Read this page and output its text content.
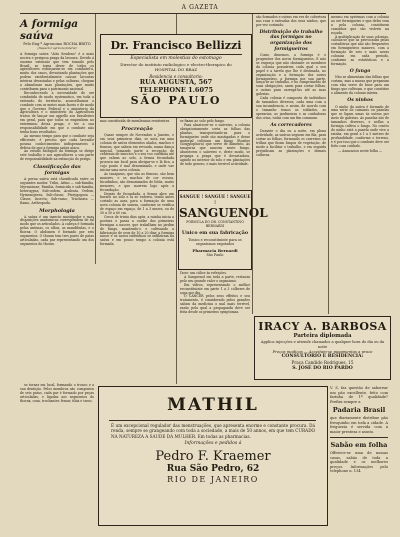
A GAZETA
A formiga saúva
Pelo Eng.º Agronomo ROCHA BRITO
(Inspector agricola federal)

A formiga saúva "Atta Sexdens" é a mais nociva e perigosa praga da lavoura. Devido á enorme extensão que tem tomado pelo Brasil, se torna dever de todos os agricultores esforçarem-se em combatel-a, muito dos casos, devastando plantações que podem excidentalmente causar lavouras inteiras devastadas e pelas culturas, chegam a abandonar suas plantações, que muito contribuem para o patrimonio nacional.

Reconhecendo a necessidade de ser combatida de modo systematico, em toda a extensão do territorio, aconselhamos o combate com os meios mais faceis e de modo que o Governo Federal e o ministerio da Agricultura e o ministerio da Agricultura tratou de lançar um appello aos brasileiros em geral, para que todos se empenhem no exterminio dessa praga, e ter a sua responsabilidade em que o combate não tenha bons resultados.

Ao mesmo tempo para que o combate seja efficiente, é preciso que cada lavrador possua conhecimentos indispensaveis á defesa de que a formiga saúva ataca.

Ao estudo biologico da formiga se dirige este trabalho e aos agricultores a sua parte de responsabilidade na extincção do perigo.

Classificação das formigas

A perna saúva está classificada entre os seguintes modos: Tribu, Attini — sub-familia, Myrmicinae; Familia, formicida e sub-familia, heterogyna; Sub-ordem, Aculeata. Ordem, Hymenoptera; Sub-classe, Pterygogoea — Classe, Insecta; Sub-ramo, Tracheata — Ramo, Arthropoda.

Morphologia

A saúva é um insecto mastigador e suas disposições anatomicas correspondem de tal modo que os articulados. A cabeça é formada pelas antenas, os olhos, as mandibulas, e o thorax. O abdomen é formado por seis segmentos. O thorax tem tres pares de patas articuladas, cada par representando um dos segmentos do thorax.

Dr. Francisco Bellizzi
Especialista em molestias do estomago
Director do instituto radiologico e electro-therapico do HOSPITAL DO BRAZ
Residencia e consultorio:
RUA AUGUSTA, 567
TELEPHONE 1.6075
SÃO PAULO

mas constituida de membranas resistentes.

Procreação

Quase sempre de Novembro a Janeiro, e em seus primeiros dias, se nota em uma colonia de saúva elementos alados, machos e femeas, que sahem em revoada, numa dança nupcial, tomando parte a recepção de centenas de insectos e o seu voo continúa até que cahem ao solo, a femea fecundada procura um local para abrigar-se e lá fica, a cujo ponto é mal denominado, e onde vae iniciar uma nova colonia.

As tanajuras, que são as femeas, são bem maiores, e os machos de cor escura, bicudinhos, são denominados de bitús, muito menores, e que morrem logo após a fecundação.

Depois de fecundada, a femea abre um buraco no solo e la se enterra, tendo antes cortado as azas, para a formação de uma nova colonia de saúvas, conforme se verifica de espaço em espaço, de 1 a 3 mezes, ou de 30 a 50 a 60 cm.

Cerca de trinta dias após, a rainha inicia a postura e passa a cuidar das primeiras formigas a nascer, que trabalham no jardim de fungo, mantendo-o e cultivando a fabricação de ovos de 10 a 20 dias; a formiga nasce e os novos individuos se enfileiram na saúva e em pouco tempo a colonia está formada.

se fixam ao solo pelo fungo.

Para abastecer-se o saúveiro, a colonia obrigatoriamente corta as folhas das plantas, transportando-as para o formigueiro onde são mastigadas e desse material cultivam um fungo (Rozites Gongylophora) que serve de alimento. As tanajuras que nascem neste fungo, abastecem o saúveiro e, deste modo, se propaga a praga que é devastadora, agindo no interior do solo e em plantações de todo genero, e mais terrivel actividade.

SANGUE ! SANGUE ! SANGUE !
SANGUENOL
FORMULA DO DR. CONSTANTINO BERNARDI
Unico em sua fabricação
Tonico e reconstituinte para os organismos exgotados
Pharmacia Bernardi
São Paulo

Dose: um cálice ás refeições.

A Sanguenol em toda a parte, restaura pelo seu grande valor o organismo.

Em vidros, representando o melhor reconstituinte em parte 1 a 3 colheres de sopa por dia.

O CANCER pelos seus effeitos e seu tratamento, é considerado pelos grandes sabios da medicina o mal mais terrivel, razão pela qual a propaganda deve ser feita desde os primeiros symptomas.

são formados e outras em vez de cobertura nas ruas e entradas dos seus ninhos, que por vez cortando.

Distribuição do trabalho das formigas no organização dos formigueiros

Como dissemos, a formiga é o progenitor dos novos formigueiros. E não se esqueça que não obstante os membros da colonia possuírem cada qual o seu papel e a tarefa que lhe é destinada, no organização e a formação dos novos formigueiros, a formiga por sua parte, lança-se ao trabalho, e no cumprimento de suas obrigações, saem para cortar folhas, e outras para carregá-las até as suas galerias.

Cada colonia é composta de individuos de tamanhos diversos, cada uma com a sua incumbencia, e assim, de acordo com o tamanho temos as soldados, as operarias, as jardineiras e as cuidadoras das crias, todas com um fim commum.

As correcadores

Durante o dia ou a noite, em plena actividade, as saúvas seguem em fila, para cortar as folhas, formando os carreiros ou trilhas que ficam limpos de vegetação, de modo a facilitar o trabalho, e em seguida prejudicam as plantações e demais culturas.

mesmo em systemas com a colonia ao ser formigueiro e que deles vem a pela colonia, constituem caminhos que são visíveis na roçada.

A multiplicação de suas colonias, calcula-se que as provocadas pelas cortadeiras que não são frequentes em formigueiros maiores, com a formação de seis e mais novas colonias em cada periodo, conforme as estatísticas e a formação.

O fungo

Não se alimentam das folhas que cortam, mas a massa que preparam com elas serve de base para um fungo que cultivam, e que constitue o alimento da colonia inteira.

Os ninhos

O ninho da saúva é formado de uma serie de camaras ou panelas que se ligam umas ás outras por meio de galerias. As panelas são de tamanhos diversos, e nellas a formiga cultiva o fungo. No centro do ninho está a panela onde vive a rainha, em geral a 1 a 5 metros de profundidade, conforme o terreno, e é por isso que o combate deve ser feito com cuidado.

— Annuncios neste folha —

IRACY A. BARBOSA
Parteira diplomada
Applica injecções e attende chamados a qualquer hora do dia ou da noite
Preços modicos — Acceitam-se pagamentos a prazo
CONSULTORIO E RESIDENCIA:
Praça Candido Rodrigues, 15
S. JOSÉ DO RIO PARDO

se tornar em local, formando o tronco e a sua dentição. Pelos membros são compostos de seis patas, cada par é formado por peças articuladas, e ligadas aos segmentos do thorax, coxa, trochanter, femur, tibia e tarso.	MATHIL
É um excepcional regulador das menstruações, que apresenta enorme e constante procura. Dá renda, sempre se grangeando com toda a sociedade, a mais de 50 annos, em que tem CURADO NA NATUREZA A SAUDE DA MULHER. Em todas as pharmacias.
Informações e pedidos á
Pedro F. Kraemer
Rua São Pedro, 62
RIO DE JANEIRO

V. S. faz questão de saborear um pão excellente, feito com farinha de 1ª qualidade? Prefira sempre a

Padaria Brasil

que diariamente distribue pão fresquinho em toda a cidade. A freguezia é servida com a maior presteza e asseio.

Sabão em folha

Offerece-se uma de nossas casas, sabão de toda a qualidade e os melhores preços. Informações pelo telephone n. 134
